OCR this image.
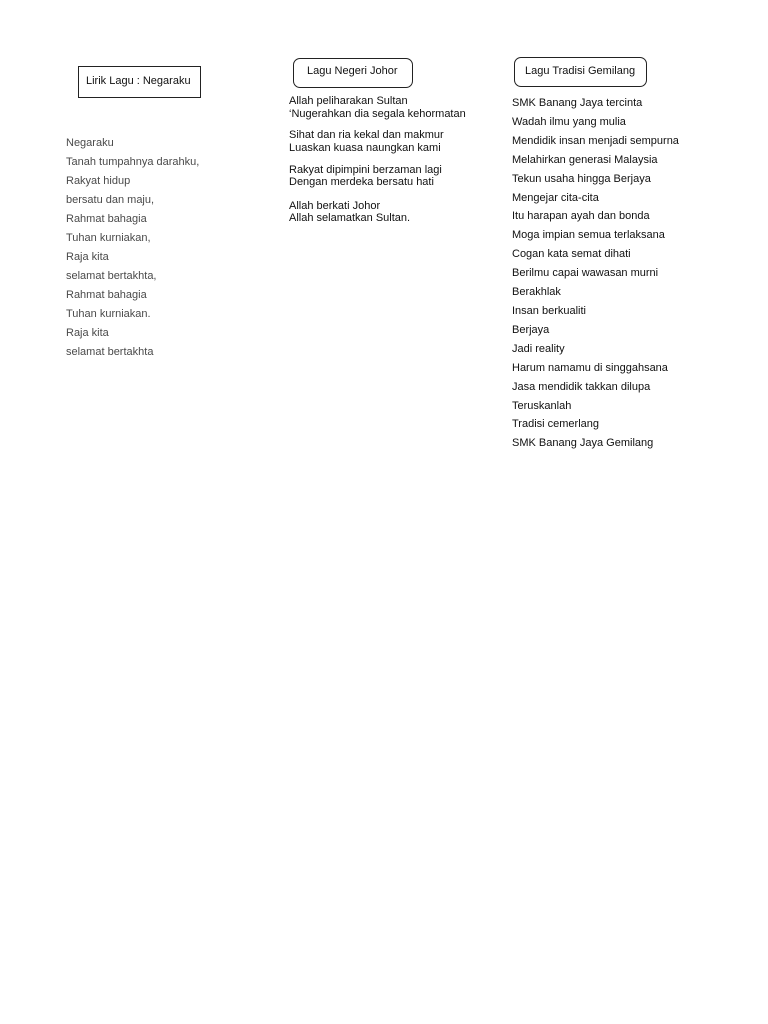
Lirik Lagu : Negaraku
Negaraku
Tanah tumpahnya darahku,
Rakyat hidup
bersatu dan maju,
Rahmat bahagia
Tuhan kurniakan,
Raja kita
selamat bertakhta,
Rahmat bahagia
Tuhan kurniakan.
Raja kita
selamat bertakhta
Lagu Negeri Johor
Allah peliharakan Sultan
‘Nugerahkan dia segala kehormatan
Sihat dan ria kekal dan makmur
Luaskan kuasa naungkan kami
Rakyat dipimpini berzaman lagi
Dengan merdeka bersatu hati
Allah berkati Johor
Allah selamatkan Sultan.
Lagu Tradisi Gemilang
SMK Banang Jaya tercinta
Wadah ilmu yang mulia
Mendidik insan menjadi sempurna
Melahirkan generasi Malaysia
Tekun usaha hingga Berjaya
Mengejar cita-cita
Itu harapan ayah dan bonda
Moga impian semua terlaksana
Cogan kata semat dihati
Berilmu capai wawasan murni
Berakhlak
Insan berkualiti
Berjaya
Jadi reality
Harum namamu di singgahsana
Jasa mendidik takkan dilupa
Teruskanlah
Tradisi cemerlang
SMK Banang Jaya Gemilang
